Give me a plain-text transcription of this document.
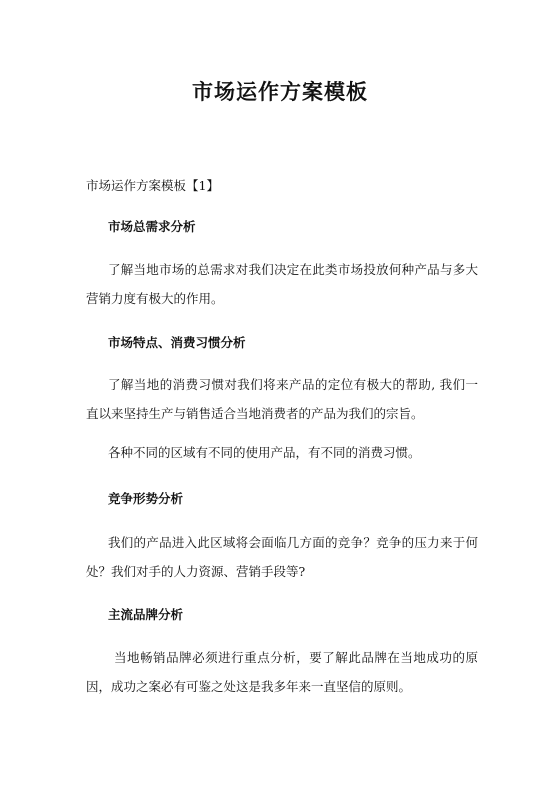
市场运作方案模板
市场运作方案模板【1】
市场总需求分析
了解当地市场的总需求对我们决定在此类市场投放何种产品与多大营销力度有极大的作用。
市场特点、消费习惯分析
了解当地的消费习惯对我们将来产品的定位有极大的帮助, 我们一直以来坚持生产与销售适合当地消费者的产品为我们的宗旨。
各种不同的区域有不同的使用产品，有不同的消费习惯。
竞争形势分析
我们的产品进入此区域将会面临几方面的竞争？竞争的压力来于何处？我们对手的人力资源、营销手段等?
主流品牌分析
当地畅销品牌必须进行重点分析，要了解此品牌在当地成功的原因，成功之案必有可鉴之处这是我多年来一直坚信的原则。
